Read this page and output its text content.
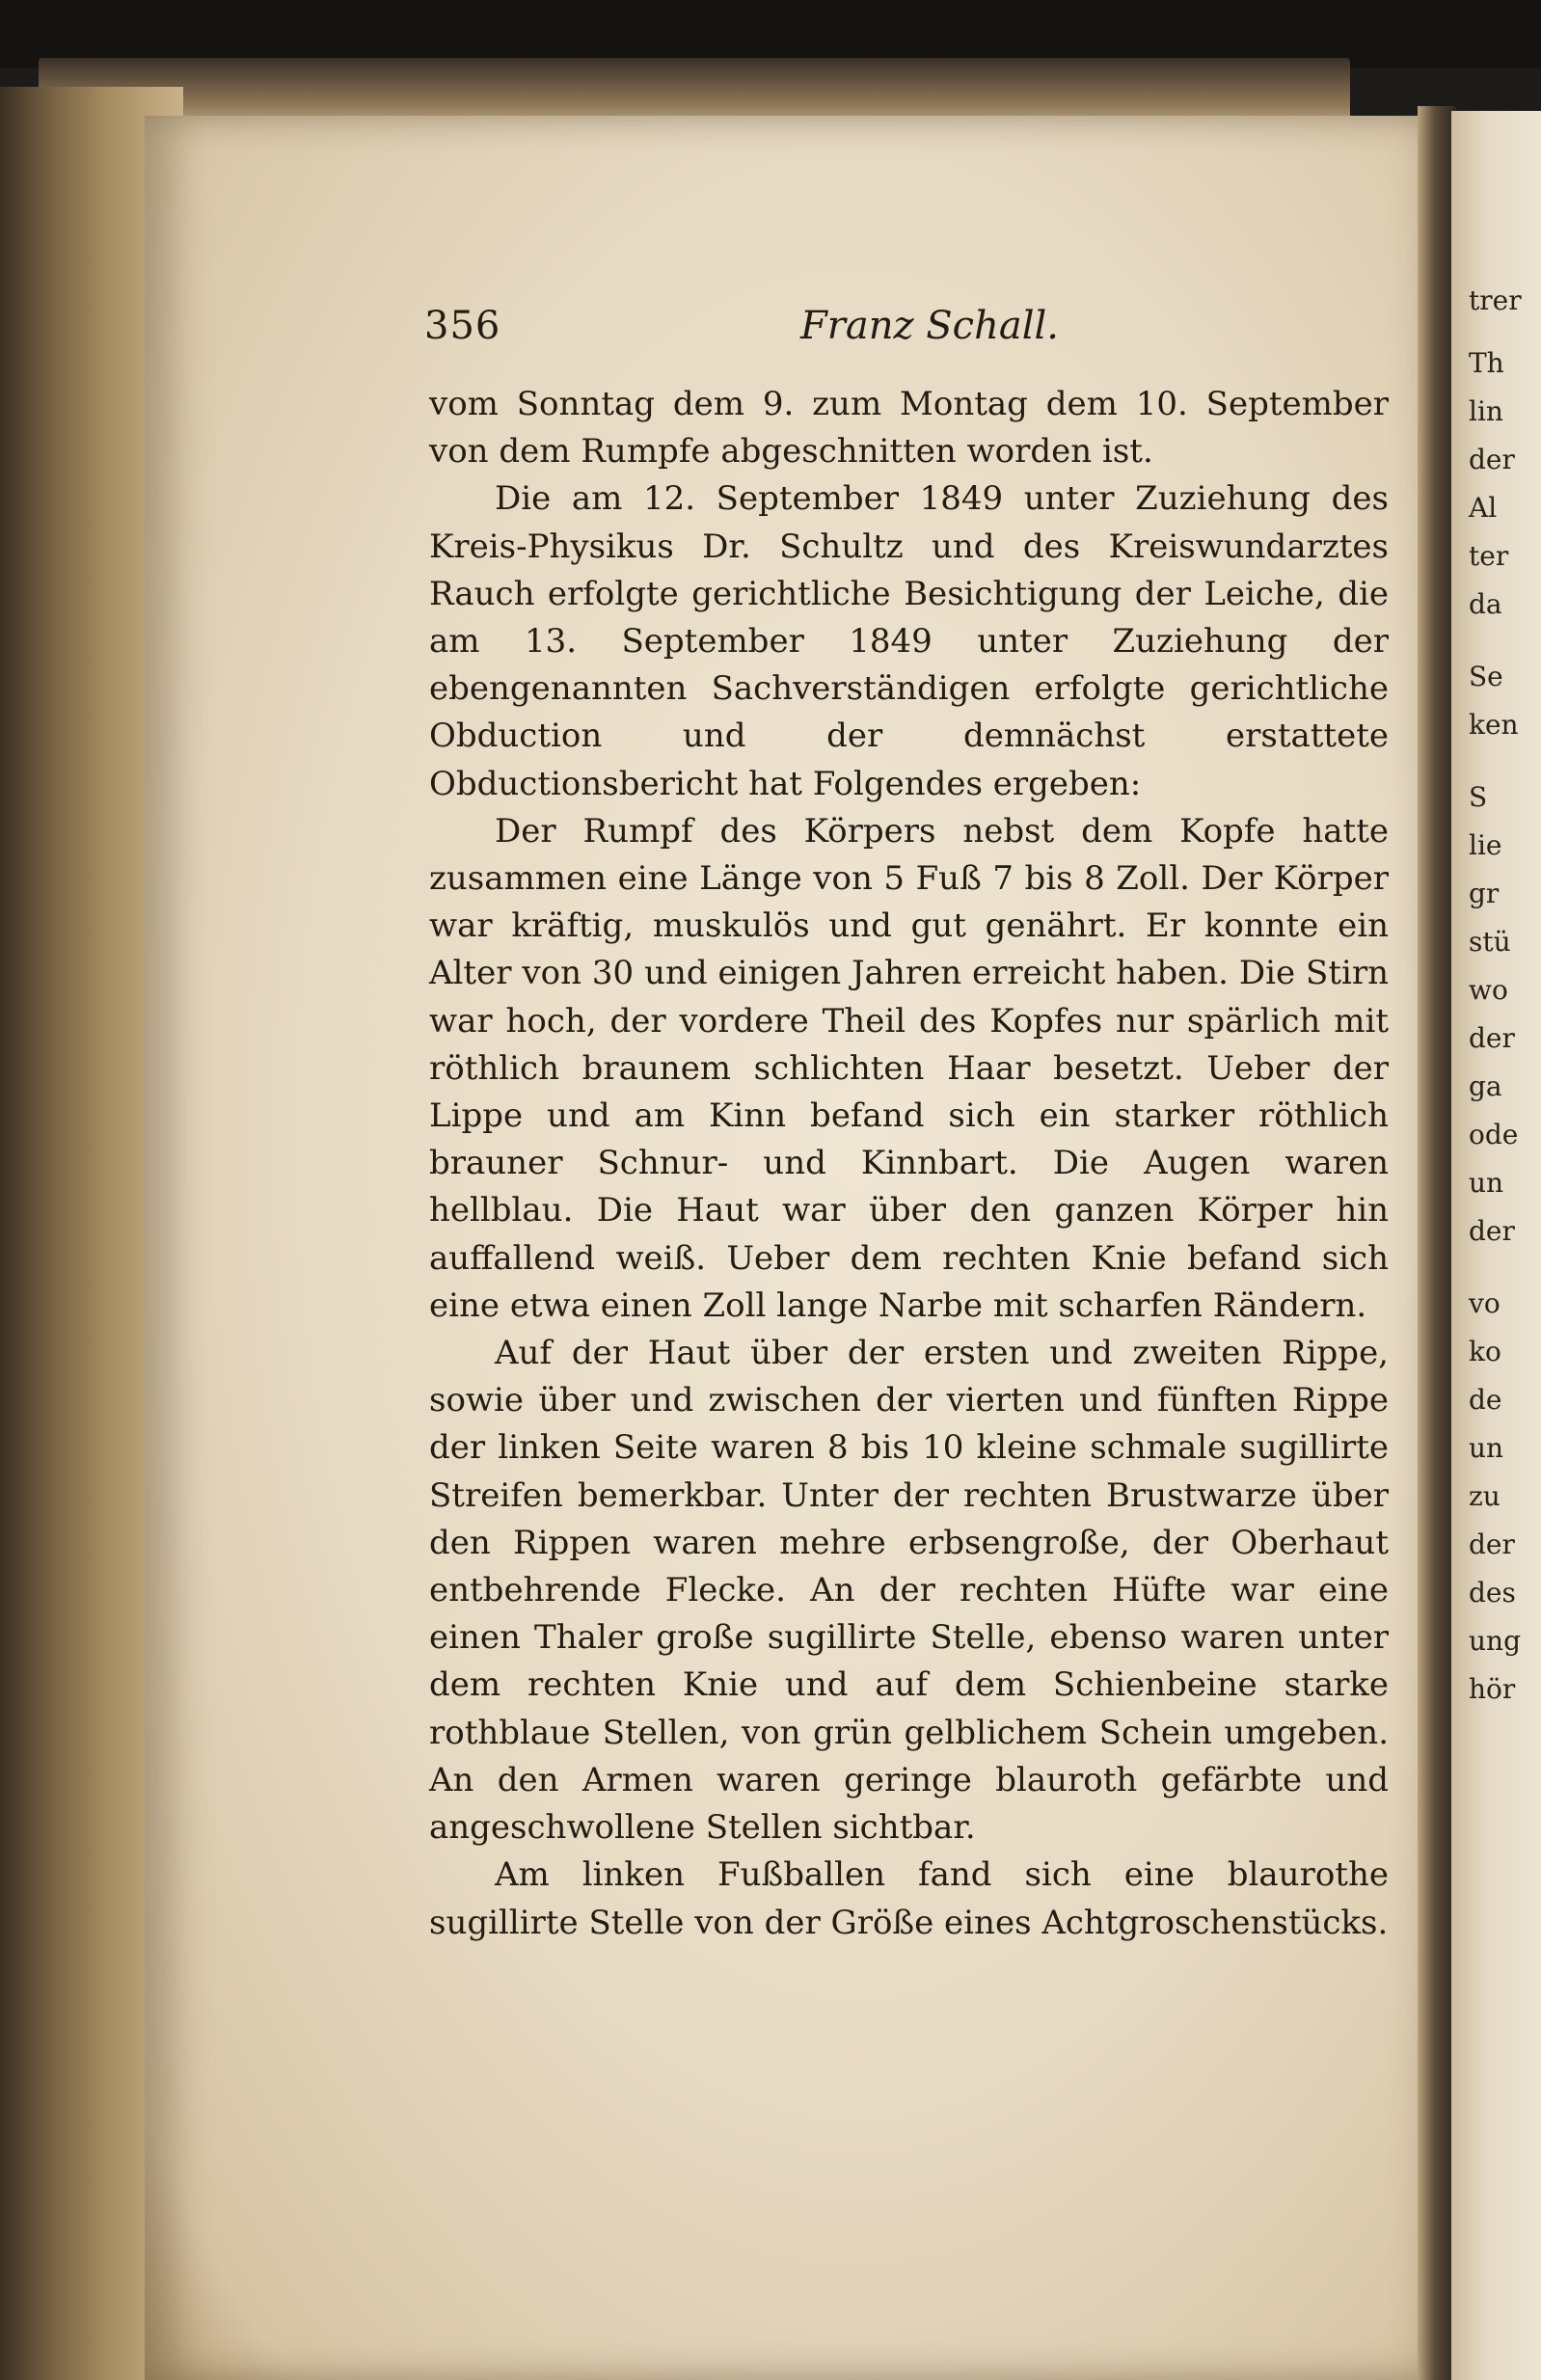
trer
Th
lin
der
Al
ter
da
Se
ken
S
lie
gr
stü
wo
der
ga
ode
un
der
vo
ko
de
un
zu
der
des
ung
hör
356	Franz Schall.

vom Sonntag dem 9. zum Montag dem 10. September von dem Rumpfe abgeschnitten worden ist.

Die am 12. September 1849 unter Zuziehung des Kreis-Physikus Dr. Schultz und des Kreiswundarztes Rauch erfolgte gerichtliche Besichtigung der Leiche, die am 13. September 1849 unter Zuziehung der ebengenannten Sachverständigen erfolgte gerichtliche Obduction und der demnächst erstattete Obductionsbericht hat Folgendes ergeben:

Der Rumpf des Körpers nebst dem Kopfe hatte zusammen eine Länge von 5 Fuß 7 bis 8 Zoll. Der Körper war kräftig, muskulös und gut genährt. Er konnte ein Alter von 30 und einigen Jahren erreicht haben. Die Stirn war hoch, der vordere Theil des Kopfes nur spärlich mit röthlich braunem schlichten Haar besetzt. Ueber der Lippe und am Kinn befand sich ein starker röthlich brauner Schnur- und Kinnbart. Die Augen waren hellblau. Die Haut war über den ganzen Körper hin auffallend weiß. Ueber dem rechten Knie befand sich eine etwa einen Zoll lange Narbe mit scharfen Rändern.

Auf der Haut über der ersten und zweiten Rippe, sowie über und zwischen der vierten und fünften Rippe der linken Seite waren 8 bis 10 kleine schmale sugillirte Streifen bemerkbar. Unter der rechten Brustwarze über den Rippen waren mehre erbsengroße, der Oberhaut entbehrende Flecke. An der rechten Hüfte war eine einen Thaler große sugillirte Stelle, ebenso waren unter dem rechten Knie und auf dem Schienbeine starke rothblaue Stellen, von grün gelblichem Schein umgeben. An den Armen waren geringe blauroth gefärbte und angeschwollene Stellen sichtbar.

Am linken Fußballen fand sich eine blaurothe sugillirte Stelle von der Größe eines Achtgroschenstücks.
